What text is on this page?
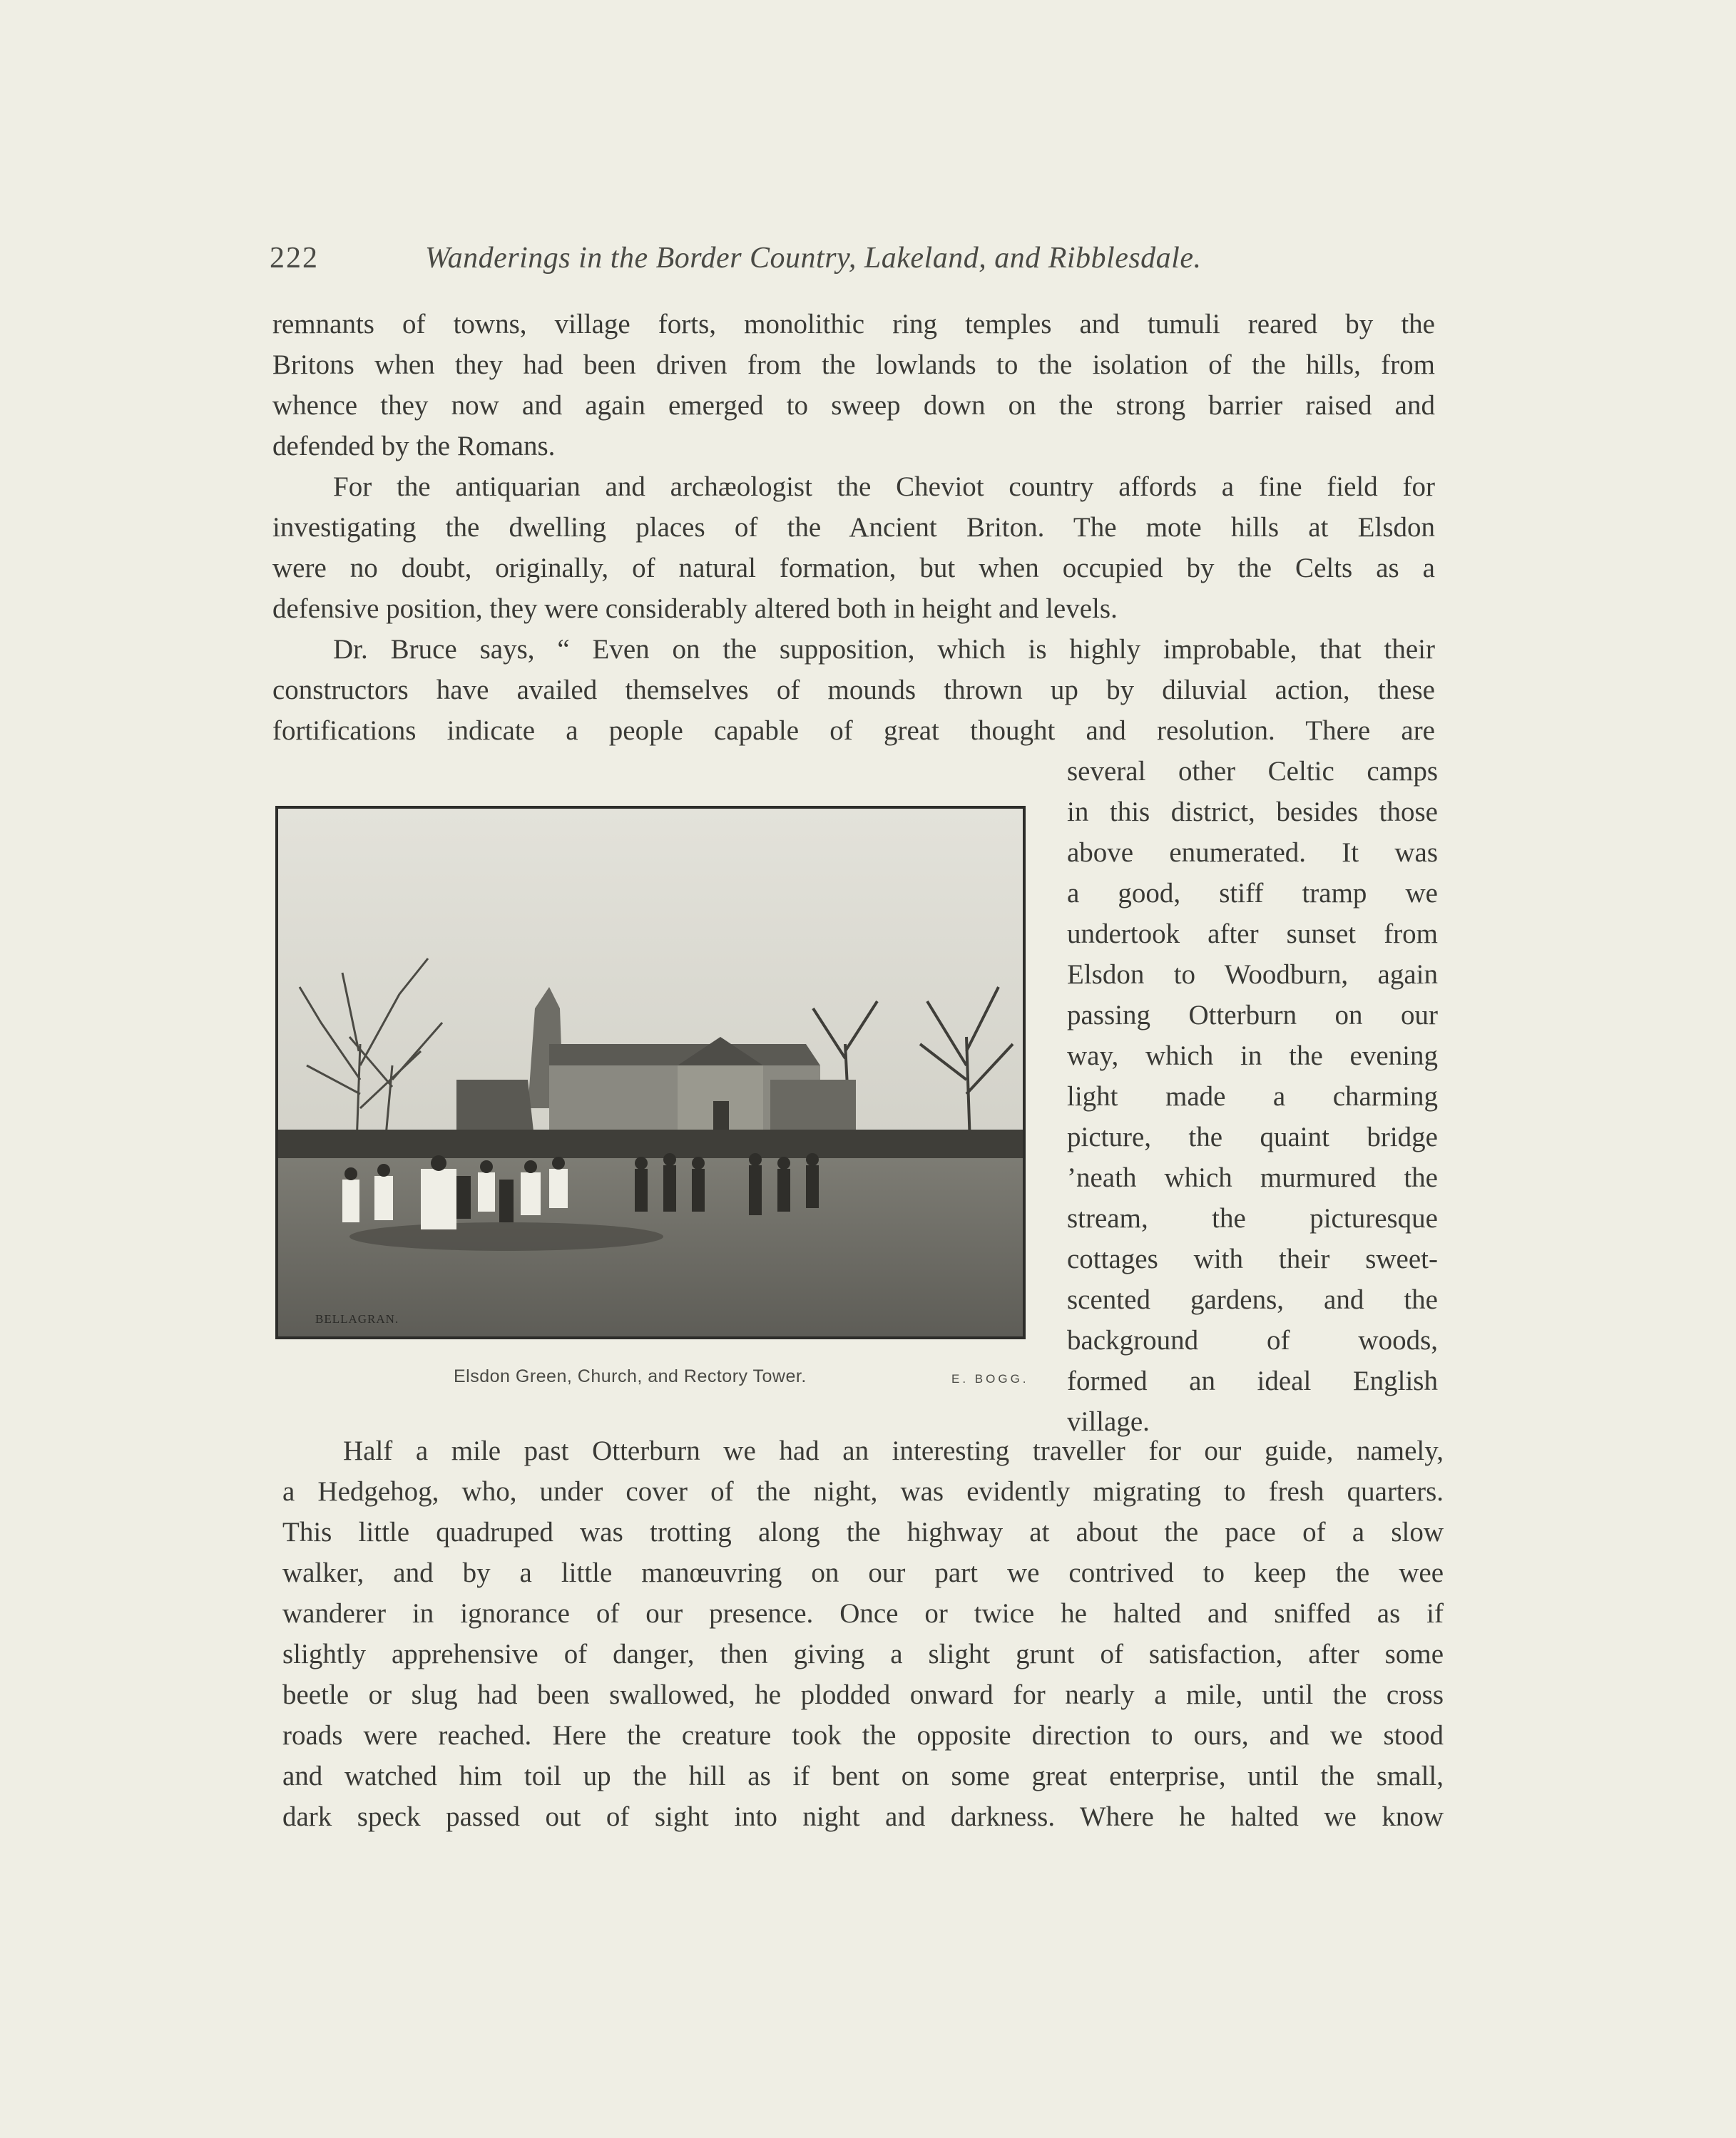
222	Wanderings in the Border Country, Lakeland, and Ribblesdale.
remnants of towns, village forts, monolithic ring temples and tumuli reared by the
Britons when they had been driven from the lowlands to the isolation of the hills, from
whence they now and again emerged to sweep down on the strong barrier raised and
defended by the Romans.
For the antiquarian and archæologist the Cheviot country affords a fine field for
investigating the dwelling places of the Ancient Briton. The mote hills at Elsdon
were no doubt, originally, of natural formation, but when occupied by the Celts as a
defensive position, they were considerably altered both in height and levels.
Dr. Bruce says, “ Even on the supposition, which is highly improbable, that their
constructors have availed themselves of mounds thrown up by diluvial action, these
fortifications indicate a people capable of great thought and resolution. There are
several other Celtic camps
in this district, besides those
above enumerated. It was
a good, stiff tramp we
undertook after sunset from
Elsdon to Woodburn, again
passing Otterburn on our
way, which in the evening
light made a charming
picture, the quaint bridge
’neath which murmured the
stream, the picturesque
cottages with their sweet-
scented gardens, and the
background of woods,
formed an ideal English
village.
BELLAGRAN.
Elsdon Green, Church, and Rectory Tower.	E. BOGG.
Half a mile past Otterburn we had an interesting traveller for our guide, namely,
a Hedgehog, who, under cover of the night, was evidently migrating to fresh quarters.
This little quadruped was trotting along the highway at about the pace of a slow
walker, and by a little manœuvring on our part we contrived to keep the wee
wanderer in ignorance of our presence. Once or twice he halted and sniffed as if
slightly apprehensive of danger, then giving a slight grunt of satisfaction, after some
beetle or slug had been swallowed, he plodded onward for nearly a mile, until the cross
roads were reached. Here the creature took the opposite direction to ours, and we stood
and watched him toil up the hill as if bent on some great enterprise, until the small,
dark speck passed out of sight into night and darkness. Where he halted we know
